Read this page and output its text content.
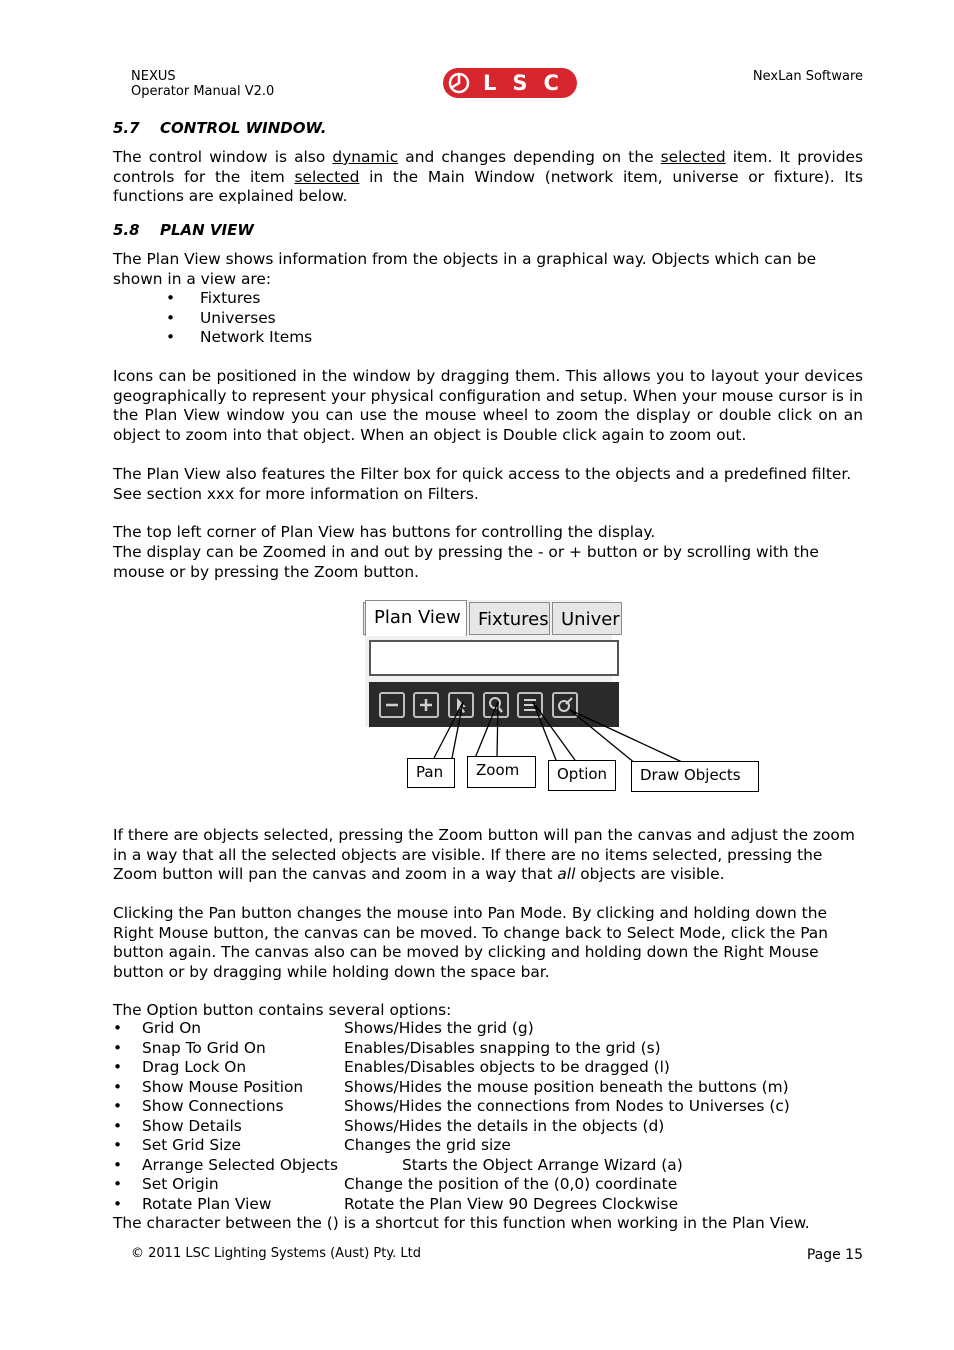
NEXUS
Operator Manual V2.0	LSC	NexLan Software
5.7 CONTROL WINDOW.
The control window is also dynamic and changes depending on the selected item. It provides controls for the item selected in the Main Window (network item, universe or fixture). Its functions are explained below.
5.8 PLAN VIEW
The Plan View shows information from the objects in a graphical way. Objects which can be shown in a view are:
• Fixtures
• Universes
• Network Items
Icons can be positioned in the window by dragging them. This allows you to layout your devices geographically to represent your physical configuration and setup. When your mouse cursor is in the Plan View window you can use the mouse wheel to zoom the display or double click on an object to zoom into that object. When an object is Double click again to zoom out.
The Plan View also features the Filter box for quick access to the objects and a predefined filter. See section xxx for more information on Filters.
The top left corner of Plan View has buttons for controlling the display.
The display can be Zoomed in and out by pressing the - or + button or by scrolling with the mouse or by pressing the Zoom button.
Plan View Fixtures Univer
Pan	Zoom	Option	Draw Objects
If there are objects selected, pressing the Zoom button will pan the canvas and adjust the zoom in a way that all the selected objects are visible. If there are no items selected, pressing the Zoom button will pan the canvas and zoom in a way that all objects are visible.
Clicking the Pan button changes the mouse into Pan Mode. By clicking and holding down the Right Mouse button, the canvas can be moved. To change back to Select Mode, click the Pan button again. The canvas also can be moved by clicking and holding down the Right Mouse button or by dragging while holding down the space bar.
The Option button contains several options:
• Grid On	Shows/Hides the grid (g)
• Snap To Grid On	Enables/Disables snapping to the grid (s)
• Drag Lock On	Enables/Disables objects to be dragged (l)
• Show Mouse Position	Shows/Hides the mouse position beneath the buttons (m)
• Show Connections	Shows/Hides the connections from Nodes to Universes (c)
• Show Details	Shows/Hides the details in the objects (d)
• Set Grid Size	Changes the grid size
• Arrange Selected Objects	Starts the Object Arrange Wizard (a)
• Set Origin	Change the position of the (0,0) coordinate
• Rotate Plan View	Rotate the Plan View 90 Degrees Clockwise
The character between the () is a shortcut for this function when working in the Plan View.
© 2011 LSC Lighting Systems (Aust) Pty. Ltd	Page 15
